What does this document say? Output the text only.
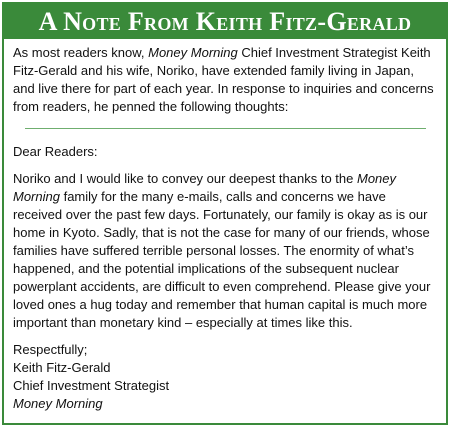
A Note From Keith Fitz-Gerald

As most readers know, Money Morning Chief Investment Strategist Keith Fitz-Gerald and his wife, Noriko, have extended family living in Japan, and live there for part of each year. In response to inquiries and concerns from readers, he penned the following thoughts:

Dear Readers:

Noriko and I would like to convey our deepest thanks to the Money Morning family for the many e-mails, calls and concerns we have received over the past few days. Fortunately, our family is okay as is our home in Kyoto. Sadly, that is not the case for many of our friends, whose families have suffered terrible personal losses. The enormity of what’s happened, and the potential implications of the subsequent nuclear powerplant accidents, are difficult to even comprehend. Please give your loved ones a hug today and remember that human capital is much more important than monetary kind – especially at times like this.

Respectfully;
Keith Fitz-Gerald
Chief Investment Strategist
Money Morning
